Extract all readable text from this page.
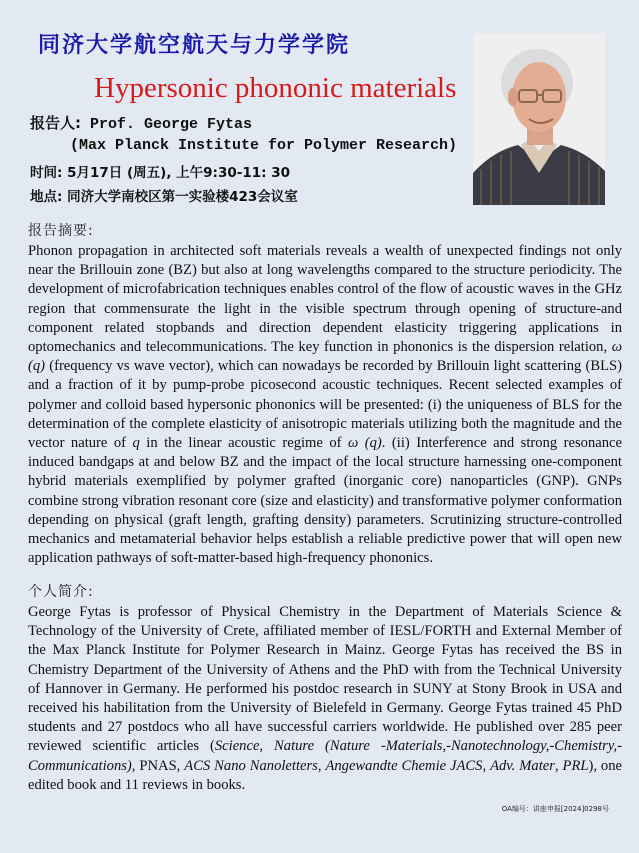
同济大学航空航天与力学学院
Hypersonic phononic materials
报告人: Prof. George Fytas
(Max Planck Institute for Polymer Research)
时间: 5月17日 (周五), 上午9:30-11: 30
地点: 同济大学南校区第一实验楼423会议室
报告摘要:

Phonon propagation in architected soft materials reveals a wealth of unexpected findings not only near the Brillouin zone (BZ) but also at long wavelengths compared to the structure periodicity. The development of microfabrication techniques enables control of the flow of acoustic waves in the GHz region that commensurate the light in the visible spectrum through opening of structure-and component related stopbands and direction dependent elasticity triggering applications in optomechanics and telecommunications. The key function in phononics is the dispersion relation, ω (q) (frequency vs wave vector), which can nowadays be recorded by Brillouin light scattering (BLS) and a fraction of it by pump-probe picosecond acoustic techniques. Recent selected examples of polymer and colloid based hypersonic phononics will be presented: (i) the uniqueness of BLS for the determination of the complete elasticity of anisotropic materials utilizing both the magnitude and the vector nature of q in the linear acoustic regime of ω (q). (ii) Interference and strong resonance induced bandgaps at and below BZ and the impact of the local structure harnessing one-component hybrid materials exemplified by polymer grafted (inorganic core) nanoparticles (GNP). GNPs combine strong vibration resonant core (size and elasticity) and transformative polymer conformation depending on physical (graft length, grafting density) parameters. Scrutinizing structure-controlled mechanics and metamaterial behavior helps establish a reliable predictive power that will open new application pathways of soft-matter-based high-frequency phononics.

个人简介:

George Fytas is professor of Physical Chemistry in the Department of Materials Science & Technology of the University of Crete, affiliated member of IESL/FORTH and External Member of the Max Planck Institute for Polymer Research in Mainz. George Fytas has received the BS in Chemistry Department of the University of Athens and the PhD with from the Technical University of Hannover in Germany. He performed his postdoc research in SUNY at Stony Brook in USA and received his habilitation from the University of Bielefeld in Germany. George Fytas trained 45 PhD students and 27 postdocs who all have successful carriers worldwide. He published over 285 peer reviewed scientific articles (Science, Nature (Nature -Materials,-Nanotechnology,-Chemistry,-Communications), PNAS, ACS Nano Nanoletters, Angewandte Chemie JACS, Adv. Mater, PRL), one edited book and 11 reviews in books.

OA编号：讲座申报[2024]0298号
